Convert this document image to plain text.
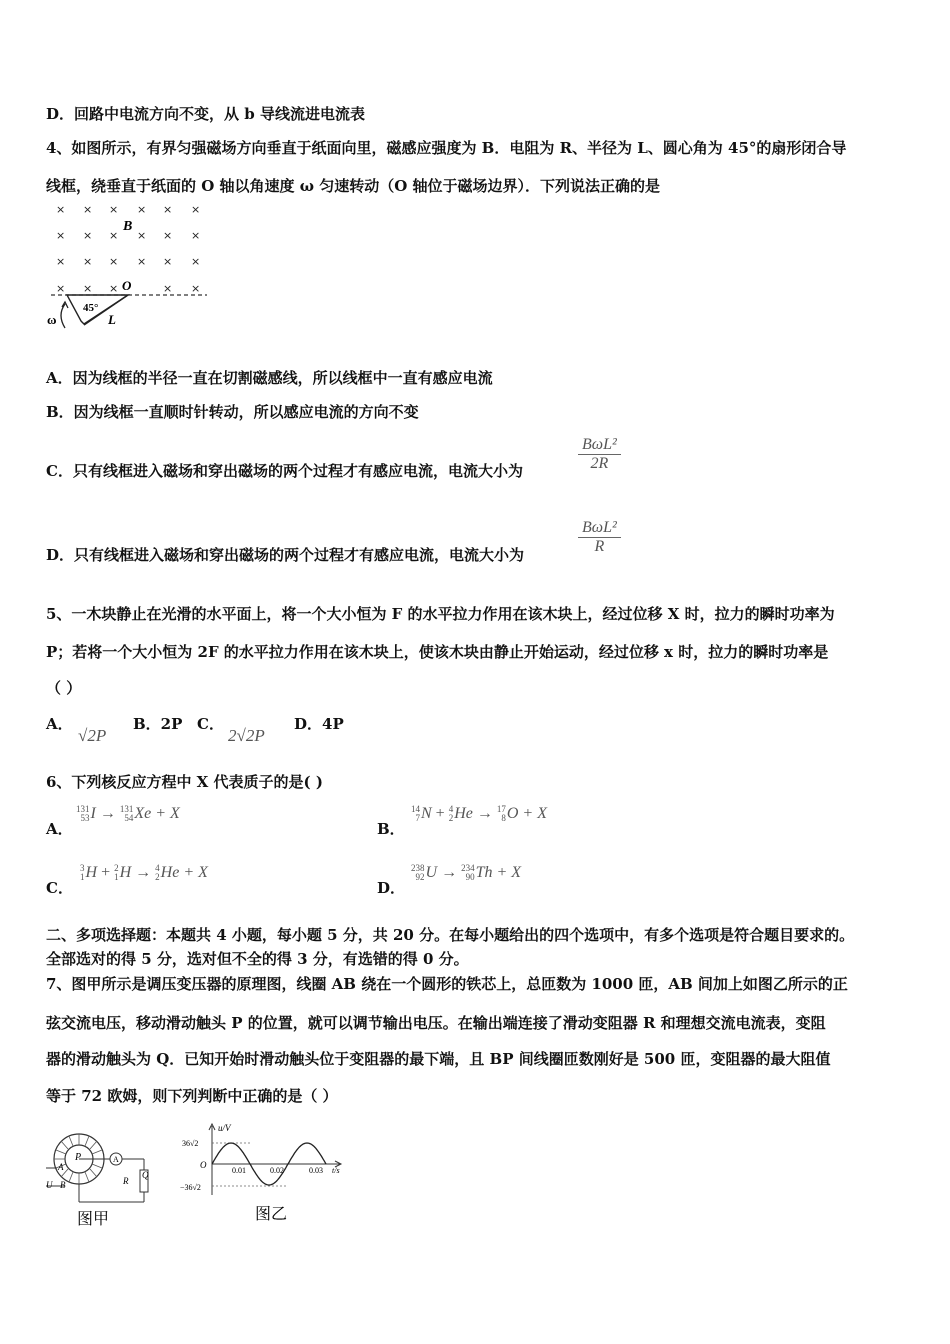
D．回路中电流方向不变，从 b 导线流进电流表
4、如图所示，有界匀强磁场方向垂直于纸面向里，磁感应强度为 B．电阻为 R、半径为 L、圆心角为 45°的扇形闭合导
线框，绕垂直于纸面的 O 轴以角速度 ω 匀速转动（O 轴位于磁场边界）．下列说法正确的是
× × × × × ×
× × × × × ×
× × × × × ×
× × ×	× ×
B
O
45°
L
ω
A．因为线框的半径一直在切割磁感线，所以线框中一直有感应电流
B．因为线框一直顺时针转动，所以感应电流的方向不变
C．只有线框进入磁场和穿出磁场的两个过程才有感应电流，电流大小为
BωL²
2R
D．只有线框进入磁场和穿出磁场的两个过程才有感应电流，电流大小为
BωL²
R
5、一木块静止在光滑的水平面上，将一个大小恒为 F 的水平拉力作用在该木块上，经过位移 X 时，拉力的瞬时功率为
P；若将一个大小恒为 2F 的水平拉力作用在该木块上，使该木块由静止开始运动，经过位移 x 时，拉力的瞬时功率是
（ ）
A．
√2P
B．2P C．
2√2P
D．4P
6、下列核反应方程中 X 代表质子的是( )
A．
131
53I → 131
54Xe + X
B．
14
7N + 4
2He → 17
8O + X
C．
3
1H + 2
1H → 4
2He + X
D．
238
92U → 234
90Th + X
二、多项选择题：本题共 4 小题，每小题 5 分，共 20 分。在每小题给出的四个选项中，有多个选项是符合题目要求的。
全部选对的得 5 分，选对但不全的得 3 分，有选错的得 0 分。
7、图甲所示是调压变压器的原理图，线圈 AB 绕在一个圆形的铁芯上，总匝数为 1000 匝，AB 间加上如图乙所示的正
弦交流电压，移动滑动触头 P 的位置，就可以调节输出电压。在输出端连接了滑动变阻器 R 和理想交流电流表，变阻
器的滑动触头为 Q．已知开始时滑动触头位于变阻器的最下端，且 BP 间线圈匝数刚好是 500 匝，变阻器的最大阻值
等于 72 欧姆，则下列判断中正确的是（ ）
P	A
Q
R
A
B
U
图甲
u/V
t/s
36√2
−36√2
O
0.01	0.02	0.03
图乙
